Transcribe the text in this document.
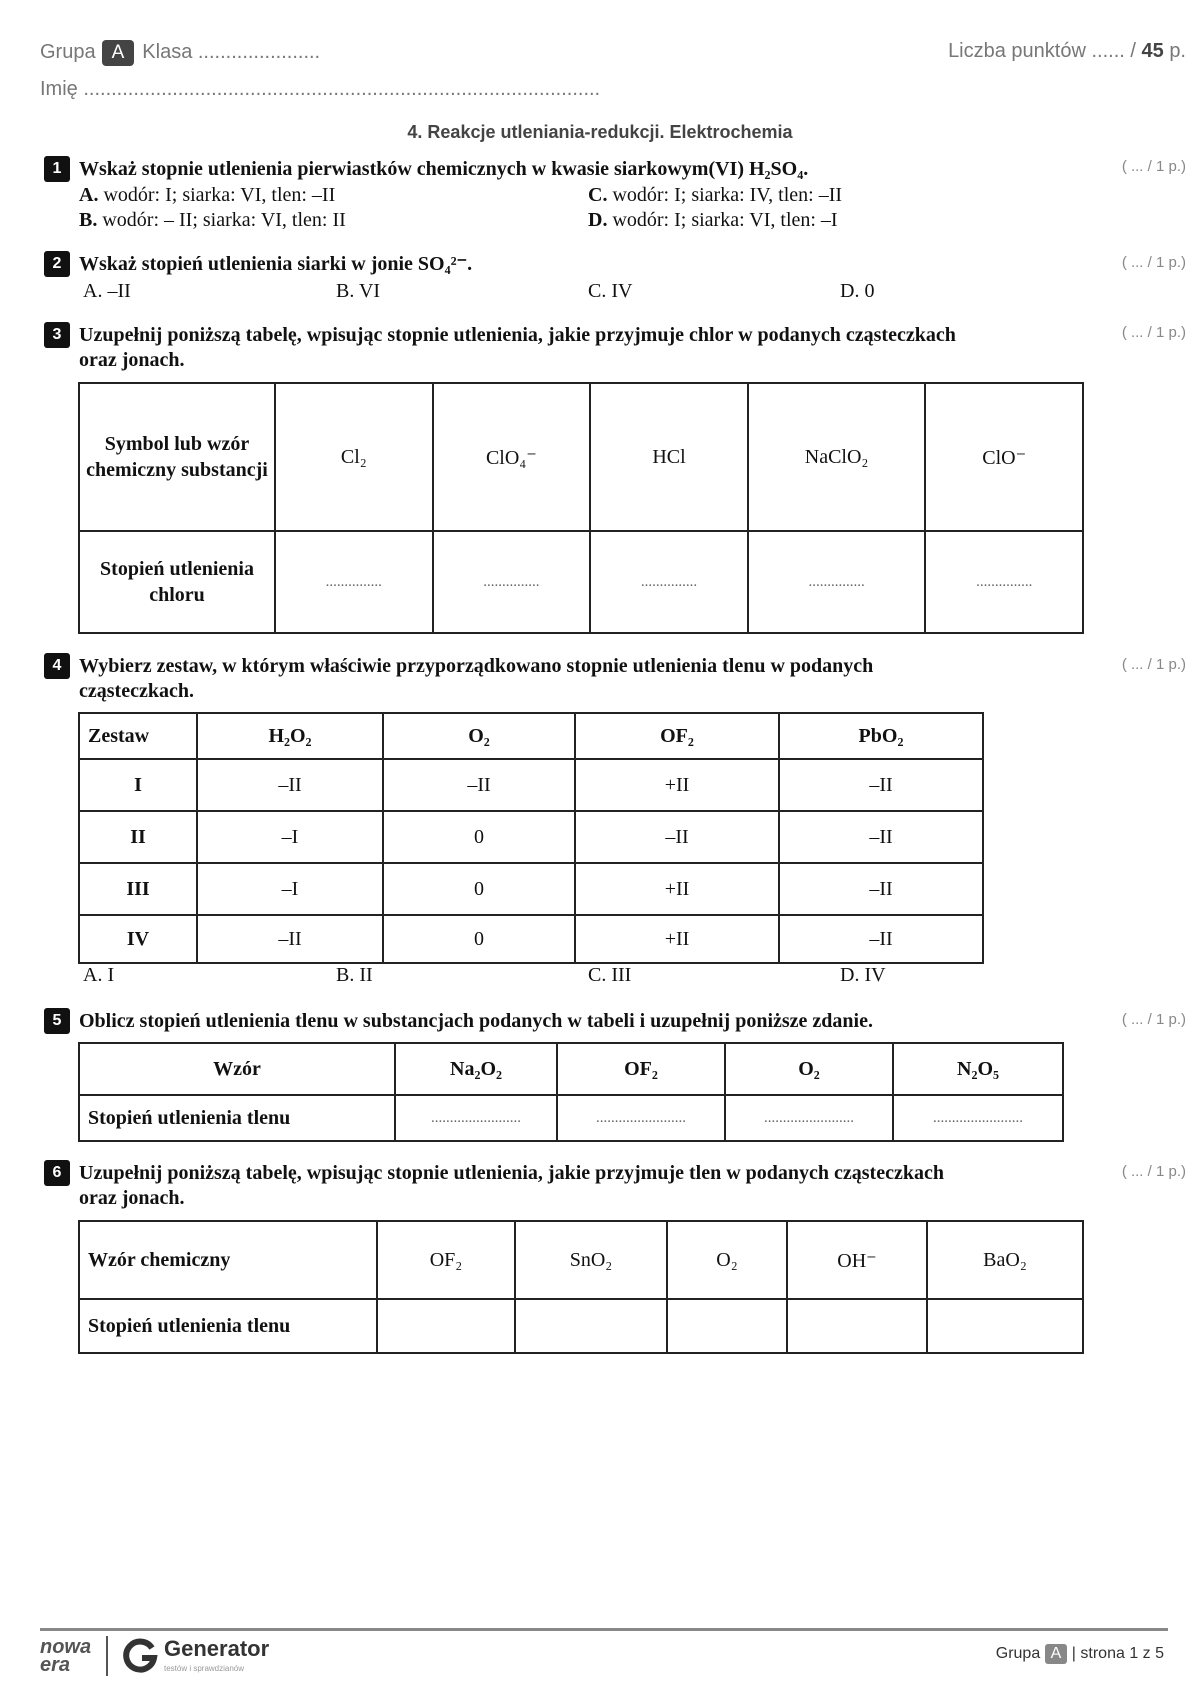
Grupa A Klasa ......................
Imię .............................................................................................
Liczba punktów ...... / 45 p.
4. Reakcje utleniania-redukcji. Elektrochemia
1 Wskaż stopnie utlenienia pierwiastków chemicznych w kwasie siarkowym(VI) H₂SO₄.	( ... / 1 p.)
A. wodór: I; siarka: VI, tlen: –II	C. wodór: I; siarka: IV, tlen: –II
B. wodór: – II; siarka: VI, tlen: II	D. wodór: I; siarka: VI, tlen: –I
2 Wskaż stopień utlenienia siarki w jonie SO₄²⁻.	( ... / 1 p.)
A. –II	B. VI	C. IV	D. 0
3 Uzupełnij poniższą tabelę, wpisując stopnie utlenienia, jakie przyjmuje chlor w podanych cząsteczkach
oraz jonach.
( ... / 1 p.)
Symbol lub wzór chemiczny substancji	Cl₂	ClO₄⁻	HCl	NaClO₂	ClO⁻
Stopień utlenienia chloru	...............	...............	...............	...............	...............
4 Wybierz zestaw, w którym właściwie przyporządkowano stopnie utlenienia tlenu w podanych
cząsteczkach.
( ... / 1 p.)
Zestaw	H₂O₂	O₂	OF₂	PbO₂
I	–II	–II	+II	–II
II	–I	0	–II	–II
III	–I	0	+II	–II
IV	–II	0	+II	–II
A. I	B. II	C. III	D. IV
5 Oblicz stopień utlenienia tlenu w substancjach podanych w tabeli i uzupełnij poniższe zdanie.	( ... / 1 p.)
Wzór	Na₂O₂	OF₂	O₂	N₂O₅
Stopień utlenienia tlenu	........................	........................	........................	........................
6 Uzupełnij poniższą tabelę, wpisując stopnie utlenienia, jakie przyjmuje tlen w podanych cząsteczkach
oraz jonach.
( ... / 1 p.)
Wzór chemiczny	OF₂	SnO₂	O₂	OH⁻	BaO₂
Stopień utlenienia tlenu					
nowa
era
Generator
testów i sprawdzianów
Grupa A | strona 1 z 5
